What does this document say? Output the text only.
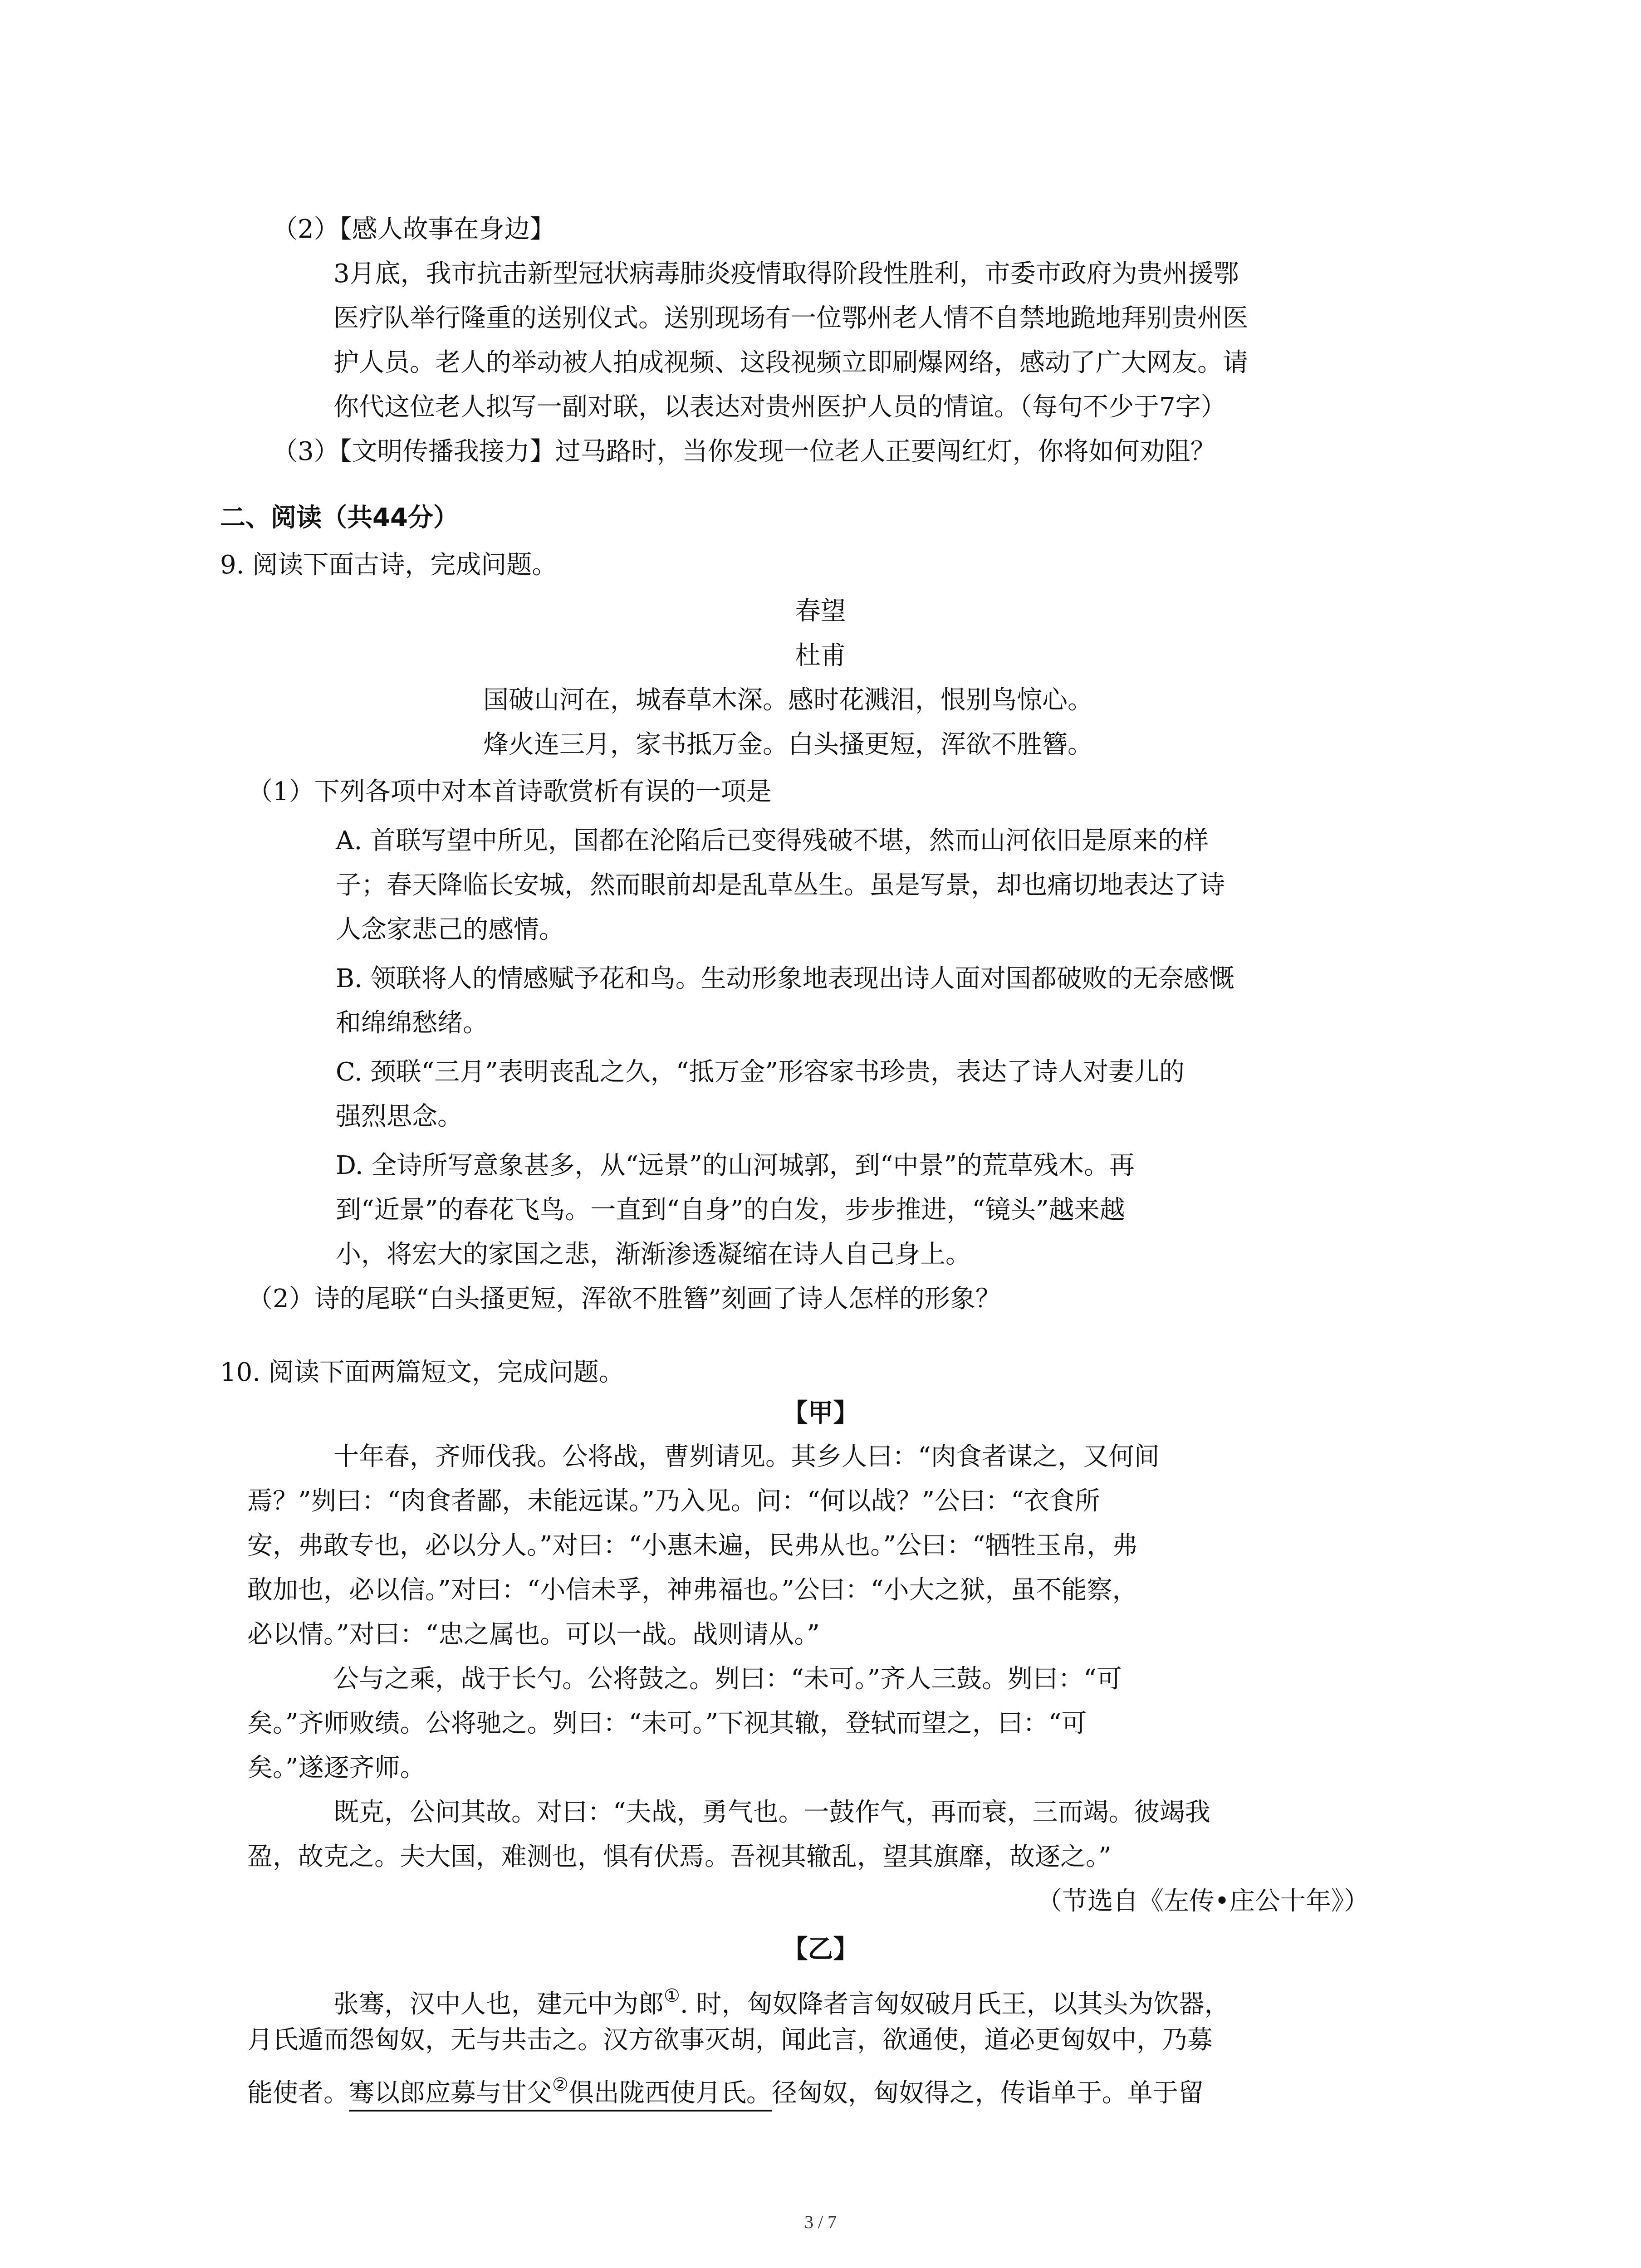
（2）【感人故事在身边】
3月底，我市抗击新型冠状病毒肺炎疫情取得阶段性胜利，市委市政府为贵州援鄂
医疗队举行隆重的送别仪式。送别现场有一位鄂州老人情不自禁地跪地拜别贵州医
护人员。老人的举动被人拍成视频、这段视频立即刷爆网络，感动了广大网友。请
你代这位老人拟写一副对联，以表达对贵州医护人员的情谊。（每句不少于7字）
（3）【文明传播我接力】过马路时，当你发现一位老人正要闯红灯，你将如何劝阻？
二、阅读（共44分）
9. 阅读下面古诗，完成问题。
春望
杜甫
国破山河在，城春草木深。感时花溅泪，恨别鸟惊心。
烽火连三月，家书抵万金。白头搔更短，浑欲不胜簪。
（1）下列各项中对本首诗歌赏析有误的一项是
A. 首联写望中所见，国都在沦陷后已变得残破不堪，然而山河依旧是原来的样
子；春天降临长安城，然而眼前却是乱草丛生。虽是写景，却也痛切地表达了诗
人念家悲己的感情。
B. 领联将人的情感赋予花和鸟。生动形象地表现出诗人面对国都破败的无奈感慨
和绵绵愁绪。
C. 颈联“三月”表明丧乱之久，“抵万金”形容家书珍贵，表达了诗人对妻儿的
强烈思念。
D. 全诗所写意象甚多，从“远景”的山河城郭，到“中景”的荒草残木。再
到“近景”的春花飞鸟。一直到“自身”的白发，步步推进，“镜头”越来越
小，将宏大的家国之悲，渐渐渗透凝缩在诗人自己身上。
（2）诗的尾联“白头搔更短，浑欲不胜簪”刻画了诗人怎样的形象？
10. 阅读下面两篇短文，完成问题。
【甲】
十年春，齐师伐我。公将战，曹刿请见。其乡人曰：“肉食者谋之，又何间
焉？”刿曰：“肉食者鄙，未能远谋。”乃入见。问：“何以战？”公曰：“衣食所
安，弗敢专也，必以分人。”对曰：“小惠未遍，民弗从也。”公曰：“牺牲玉帛，弗
敢加也，必以信。”对曰：“小信未孚，神弗福也。”公曰：“小大之狱，虽不能察，
必以情。”对曰：“忠之属也。可以一战。战则请从。”
公与之乘，战于长勺。公将鼓之。刿曰：“未可。”齐人三鼓。刿曰：“可
矣。”齐师败绩。公将驰之。刿曰：“未可。”下视其辙，登轼而望之，曰：“可
矣。”遂逐齐师。
既克，公问其故。对曰：“夫战，勇气也。一鼓作气，再而衰，三而竭。彼竭我
盈，故克之。夫大国，难测也，惧有伏焉。吾视其辙乱，望其旗靡，故逐之。”
（节选自《左传•庄公十年》）
【乙】
张骞，汉中人也，建元中为郎①. 时，匈奴降者言匈奴破月氏王，以其头为饮器，
月氏遁而怨匈奴，无与共击之。汉方欲事灭胡，闻此言，欲通使，道必更匈奴中，乃募
能使者。骞以郎应募与甘父②俱出陇西使月氏。径匈奴，匈奴得之，传诣单于。单于留
3 / 7
